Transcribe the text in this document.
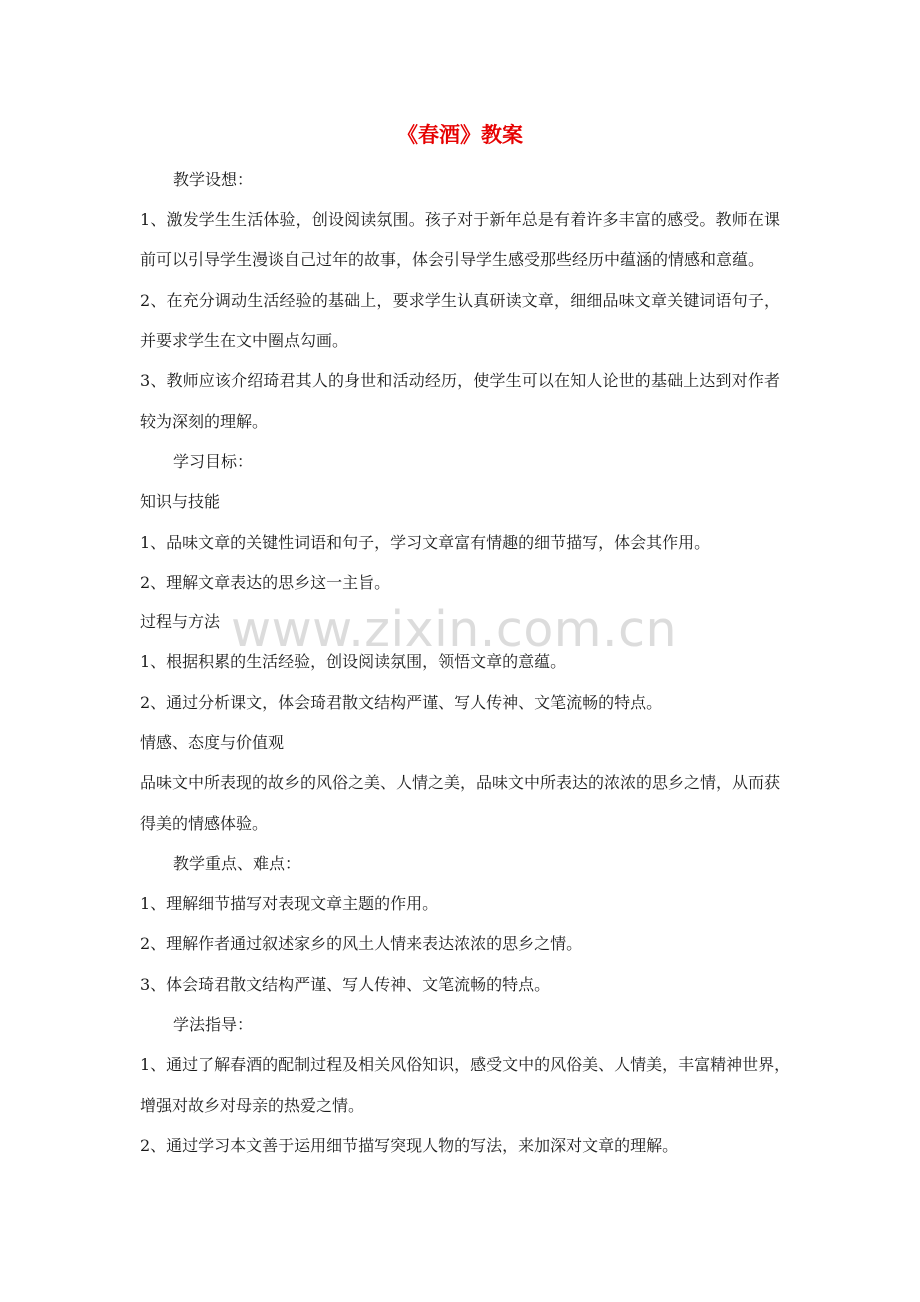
《春酒》教案
教学设想：
1、激发学生生活体验，创设阅读氛围。孩子对于新年总是有着许多丰富的感受。教师在课
前可以引导学生漫谈自己过年的故事，体会引导学生感受那些经历中蕴涵的情感和意蕴。
2、在充分调动生活经验的基础上，要求学生认真研读文章，细细品味文章关键词语句子，
并要求学生在文中圈点勾画。
3、教师应该介绍琦君其人的身世和活动经历，使学生可以在知人论世的基础上达到对作者
较为深刻的理解。
学习目标：
知识与技能
1、品味文章的关键性词语和句子，学习文章富有情趣的细节描写，体会其作用。
2、理解文章表达的思乡这一主旨。
过程与方法
1、根据积累的生活经验，创设阅读氛围，领悟文章的意蕴。
2、通过分析课文，体会琦君散文结构严谨、写人传神、文笔流畅的特点。
情感、态度与价值观
品味文中所表现的故乡的风俗之美、人情之美，品味文中所表达的浓浓的思乡之情，从而获
得美的情感体验。
教学重点、难点：
1、理解细节描写对表现文章主题的作用。
2、理解作者通过叙述家乡的风土人情来表达浓浓的思乡之情。
3、体会琦君散文结构严谨、写人传神、文笔流畅的特点。
学法指导：
1、通过了解春酒的配制过程及相关风俗知识，感受文中的风俗美、人情美，丰富精神世界，
增强对故乡对母亲的热爱之情。
2、通过学习本文善于运用细节描写突现人物的写法，来加深对文章的理解。
www.zixin.com.cn
